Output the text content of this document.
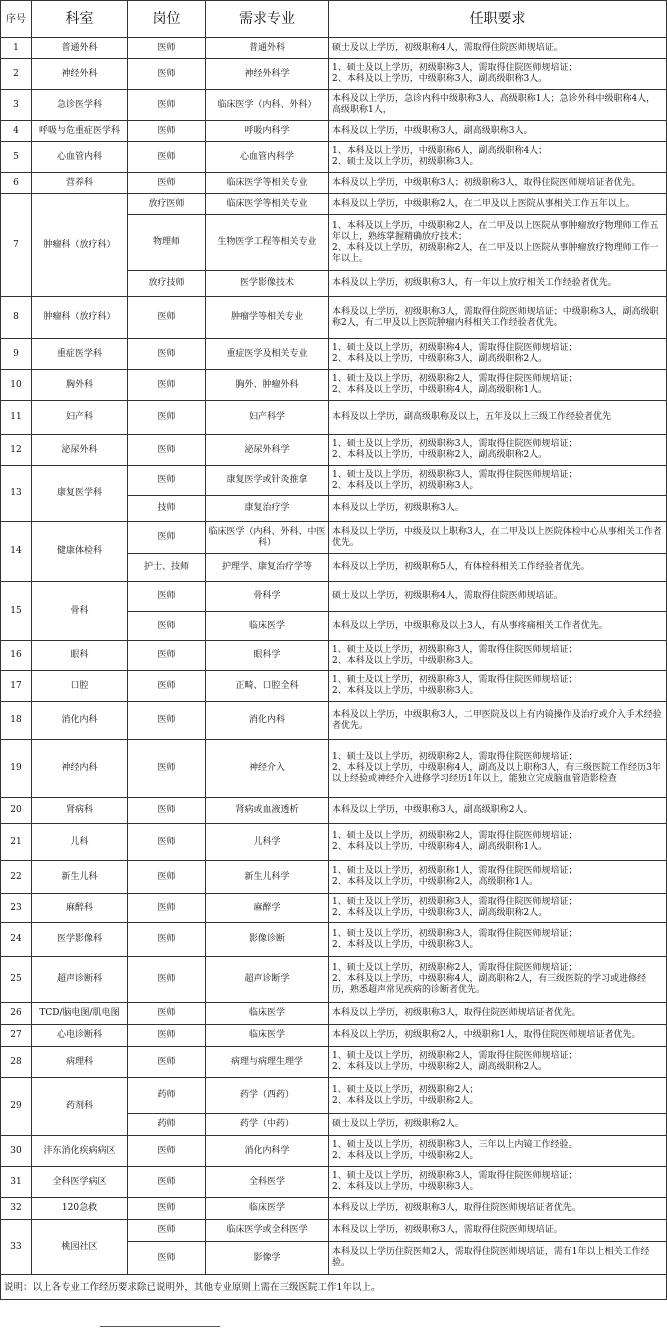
序号	科室	岗位	需求专业	任职要求
1	普通外科	医师	普通外科	硕士及以上学历，初级职称4人，需取得住院医师规培证。
2	神经外科	医师	神经外科学	1、硕士及以上学历，初级职称3人，需取得住院医师规培证；
2、本科及以上学历，中级职称3人，副高级职称3人。
3	急诊医学科	医师	临床医学（内科、外科）	本科及以上学历，急诊内科中级职称3人、高级职称1人；急诊外科中级职称4人，高级职称1人，
4	呼吸与危重症医学科	医师	呼吸内科学	本科及以上学历，中级职称3人，副高级职称3人。
5	心血管内科	医师	心血管内科学	1、本科及以上学历，中级职称6人，副高级职称4人；
2、硕士及以上学历，初级职称3人。
6	营养科	医师	临床医学等相关专业	本科及以上学历，中级职称3人；初级职称3人，取得住院医师规培证者优先。
7	肿瘤科（放疗科）	放疗医师	临床医学等相关专业	本科及以上学历，中级职称2人，在二甲及以上医院从事相关工作五年以上。
		物理师	生物医学工程等相关专业	1、本科及以上学历，中级职称2人，在二甲及以上医院从事肿瘤放疗物理师工作五年以上，熟练掌握精确放疗技术；
2、本科及以上学历，初级职称2人，在二甲及以上医院从事肿瘤放疗物理师工作一年以上。
		放疗技师	医学影像技术	本科及以上学历，初级职称3人，有一年以上放疗相关工作经验者优先。
8	肿瘤科（放疗科）	医师	肿瘤学等相关专业	本科及以上学历，初级职称3人，需取得住院医师规培证；中级职称3人，副高级职称2人，有二甲及以上医院肿瘤内科相关工作经验者优先。
9	重症医学科	医师	重症医学及相关专业	1、硕士及以上学历，初级职称4人，需取得住院医师规培证；
2、本科及以上学历，中级职称3人，副高级职称2人。
10	胸外科	医师	胸外、肿瘤外科	1、硕士及以上学历，初级职称2人，需取得住院医师规培证；
2、本科及以上学历，中级职称4人，副高级职称1人。
11	妇产科	医师	妇产科学	本科及以上学历，副高级职称及以上，五年及以上三级工作经验者优先
12	泌尿外科	医师	泌尿外科学	1、硕士及以上学历，初级职称3人，需取得住院医师规培证；
2、本科及以上学历，中级职称2人，副高级职称2人。
13	康复医学科	医师	康复医学或针灸推拿	1、硕士及以上学历，初级职称3人，需取得住院医师规培证；
2、本科及以上学历，初级职称3人。
		技师	康复治疗学	本科及以上学历，初级职称3人。
14	健康体检科	医师	临床医学（内科、外科、中医科）	本科及以上学历，中级及以上职称3人，在二甲及以上医院体检中心从事相关工作者优先。
		护士、技师	护理学、康复治疗学等	本科及以上学历，初级职称5人，有体检科相关工作经验者优先。
15	骨科	医师	骨科学	硕士及以上学历，初级职称4人，需取得住院医师规培证。
		医师	临床医学	本科及以上学历，中级职称及以上3人，有从事疼痛相关工作者优先。
16	眼科	医师	眼科学	1、硕士及以上学历，初级职称3人，需取得住院医师规培证；
2、本科及以上学历，中级职称3人。
17	口腔	医师	正畸、口腔全科	1、硕士及以上学历，初级职称3人，需取得住院医师规培证；
2、本科及以上学历，中级职称3人。
18	消化内科	医师	消化内科	本科及以上学历，中级职称3人，二甲医院及以上有内镜操作及治疗或介入手术经验者优先。
19	神经内科	医师	神经介入	1、硕士及以上学历，初级职称2人，需取得住院医师规培证；
2、本科及以上学历，中级职称4人，副高及以上职称3人，有三级医院工作经历3年以上经验或神经介入进修学习经历1年以上，能独立完成脑血管造影检查
20	肾病科	医师	肾病或血液透析	本科及以上学历，中级职称3人，副高级职称2人。
21	儿科	医师	儿科学	1、硕士及以上学历，初级职称2人，需取得住院医师规培证；
2、本科及以上学历，中级职称4人，副高级职称1人。
22	新生儿科	医师	新生儿科学	1、硕士及以上学历，初级职称1人，需取得住院医师规培证；
2、本科及以上学历，中级职称2人，高级职称1人。
23	麻醉科	医师	麻醉学	1、硕士及以上学历，初级职称3人，需取得住院医师规培证；
2、本科及以上学历，中级职称3人，副高级职称2人。
24	医学影像科	医师	影像诊断	1、硕士及以上学历，初级职称3人，需取得住院医师规培证；
2、本科及以上学历，中级职称3人。
25	超声诊断科	医师	超声诊断学	1、硕士及以上学历，初级职称2人，需取得住院医师规培证；
2、本科及以上学历，中级职称4人，副高职称2人，有三级医院的学习或进修经历，熟悉超声常见疾病的诊断者优先。
26	TCD/脑电图/肌电图	医师	临床医学	本科及以上学历，初级职称3人，取得住院医师规培证者优先。
27	心电诊断科	医师	临床医学	本科及以上学历，初级职称2人，中级职称1人，取得住院医师规培证者优先。
28	病理科	医师	病理与病理生理学	1、硕士及以上学历，初级职称2人，需取得住院医师规培证；
2、本科及以上学历，中级职称2人，副高级职称2人。
29	药剂科	药师	药学（西药）	1、硕士及以上学历，初级职称2人；
2、本科及以上学历，中级职称2人。
		药师	药学（中药）	硕士及以上学历，初级职称2人。
30	沣东消化疾病病区	医师	消化内科学	1、硕士及以上学历，初级职称3人，三年以上内镜工作经验。
2、本科及以上学历，中级职称2人。
31	全科医学病区	医师	全科医学	1、硕士及以上学历，初级职称3人，需取得住院医师规培证；
2、本科及以上学历，中级职称3人。
32	120急救	医师	临床医学	本科及以上学历，初级职称3人，取得住院医师规培证者优先。
33	桃园社区	医师	临床医学或全科医学	本科及以上学历，初级职称3人，需取得住院医师规培证。
		医师	影像学	本科及以上学历住院医师2人，需取得住院医师规培证，需有1年以上相关工作经验。
说明：以上各专业工作经历要求除已说明外，其他专业原则上需在三级医院工作1年以上。				
